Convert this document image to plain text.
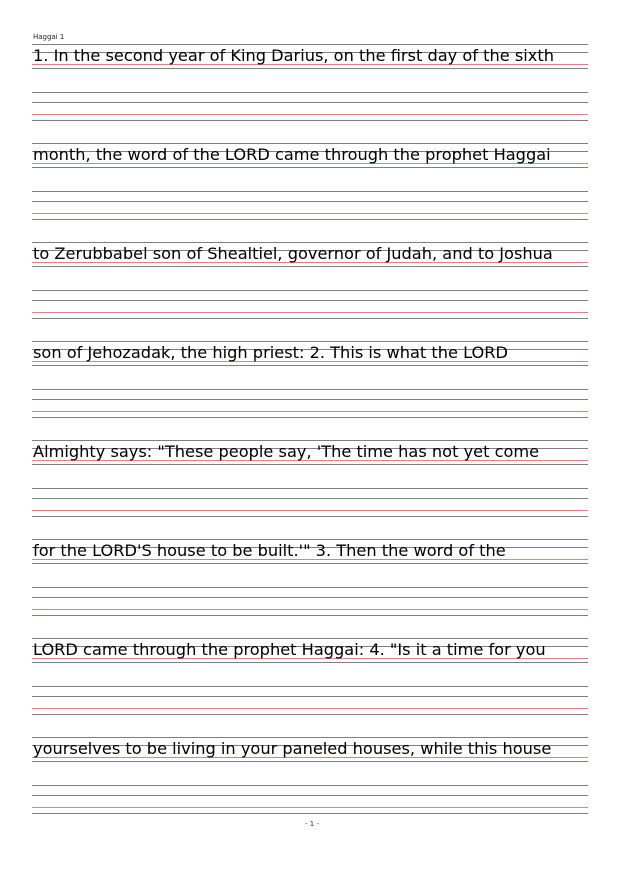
Haggai 1
1. In the second year of King Darius, on the first day of the sixth
month, the word of the LORD came through the prophet Haggai
to Zerubbabel son of Shealtiel, governor of Judah, and to Joshua
son of Jehozadak, the high priest: 2. This is what the LORD
Almighty says: "These people say, 'The time has not yet come
for the LORD'S house to be built.'" 3. Then the word of the
LORD came through the prophet Haggai: 4. "Is it a time for you
yourselves to be living in your paneled houses, while this house
- 1 -
